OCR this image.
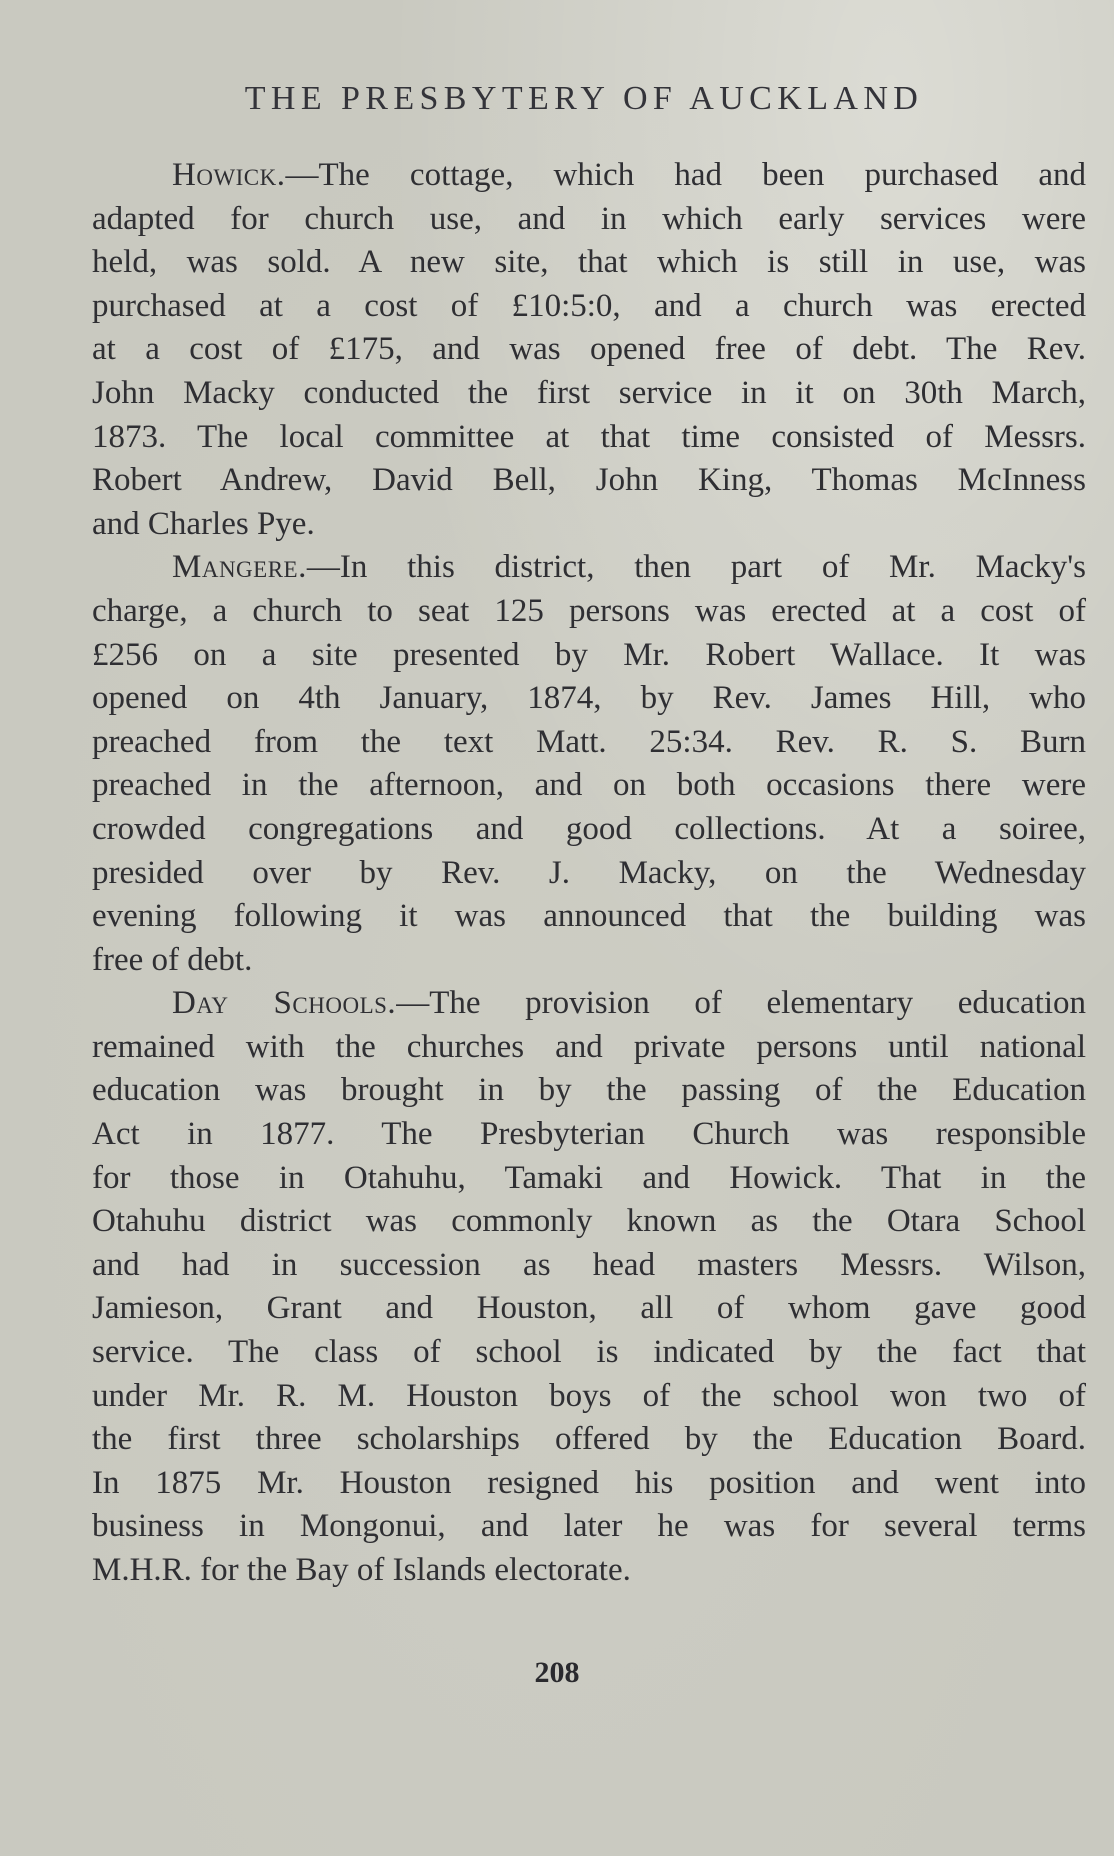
THE PRESBYTERY OF AUCKLAND
Howick.—The cottage, which had been purchased and
adapted for church use, and in which early services were
held, was sold. A new site, that which is still in use, was
purchased at a cost of £10:5:0, and a church was erected
at a cost of £175, and was opened free of debt. The Rev.
John Macky conducted the first service in it on 30th March,
1873. The local committee at that time consisted of Messrs.
Robert Andrew, David Bell, John King, Thomas McInness
and Charles Pye.
Mangere.—In this district, then part of Mr. Macky's
charge, a church to seat 125 persons was erected at a cost of
£256 on a site presented by Mr. Robert Wallace. It was
opened on 4th January, 1874, by Rev. James Hill, who
preached from the text Matt. 25:34. Rev. R. S. Burn
preached in the afternoon, and on both occasions there were
crowded congregations and good collections. At a soiree,
presided over by Rev. J. Macky, on the Wednesday
evening following it was announced that the building was
free of debt.
Day Schools.—The provision of elementary education
remained with the churches and private persons until national
education was brought in by the passing of the Education
Act in 1877. The Presbyterian Church was responsible
for those in Otahuhu, Tamaki and Howick. That in the
Otahuhu district was commonly known as the Otara School
and had in succession as head masters Messrs. Wilson,
Jamieson, Grant and Houston, all of whom gave good
service. The class of school is indicated by the fact that
under Mr. R. M. Houston boys of the school won two of
the first three scholarships offered by the Education Board.
In 1875 Mr. Houston resigned his position and went into
business in Mongonui, and later he was for several terms
M.H.R. for the Bay of Islands electorate.
208
